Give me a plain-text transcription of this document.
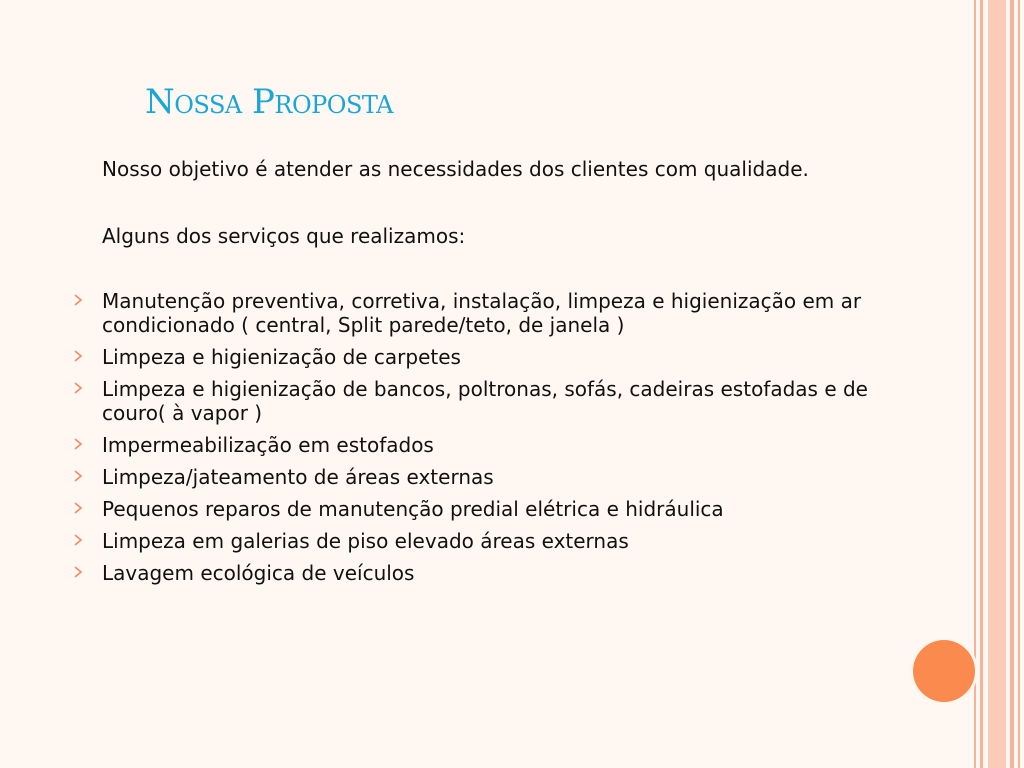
Nossa Proposta

Nosso objetivo é atender as necessidades dos clientes com qualidade.

Alguns dos serviços que realizamos:

Manutenção preventiva, corretiva, instalação, limpeza e higienização em ar condicionado ( central, Split parede/teto, de janela )
Limpeza e higienização de carpetes
Limpeza e higienização de bancos, poltronas, sofás, cadeiras estofadas e de couro( à vapor )
Impermeabilização em estofados
Limpeza/jateamento de áreas externas
Pequenos reparos de manutenção predial elétrica e hidráulica
Limpeza em galerias de piso elevado áreas externas
Lavagem ecológica de veículos
